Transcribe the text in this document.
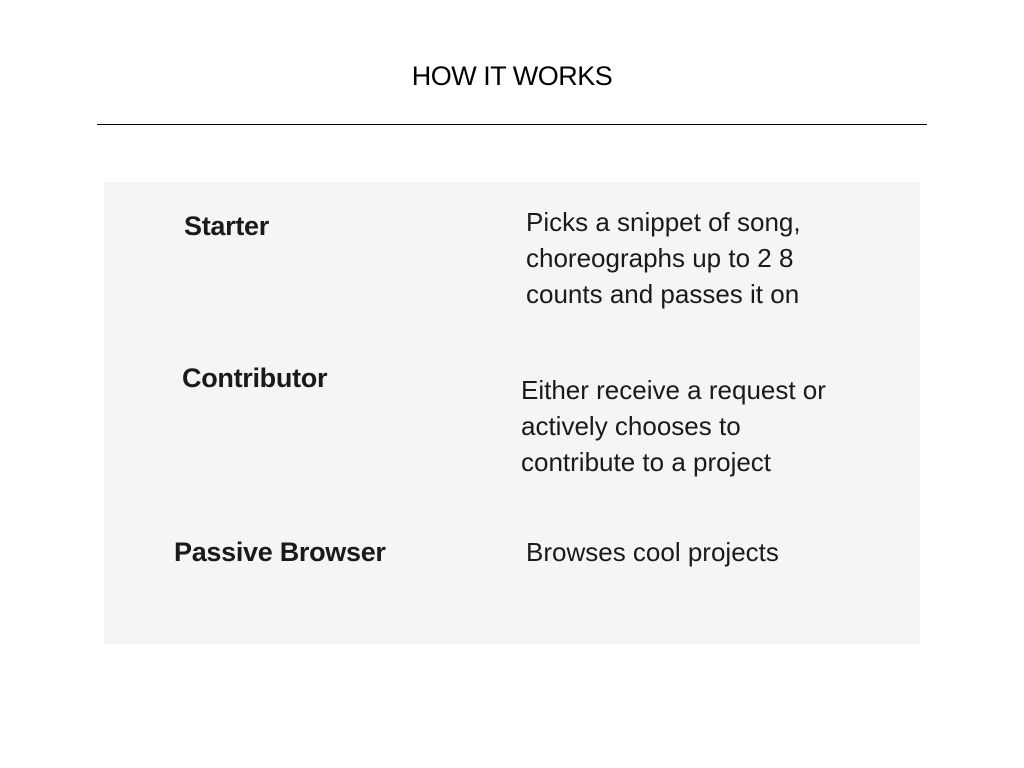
HOW IT WORKS
Starter	Picks a snippet of song,
choreographs up to 2 8
counts and passes it on
Contributor	Either receive a request or
actively chooses to
contribute to a project
Passive Browser	Browses cool projects
